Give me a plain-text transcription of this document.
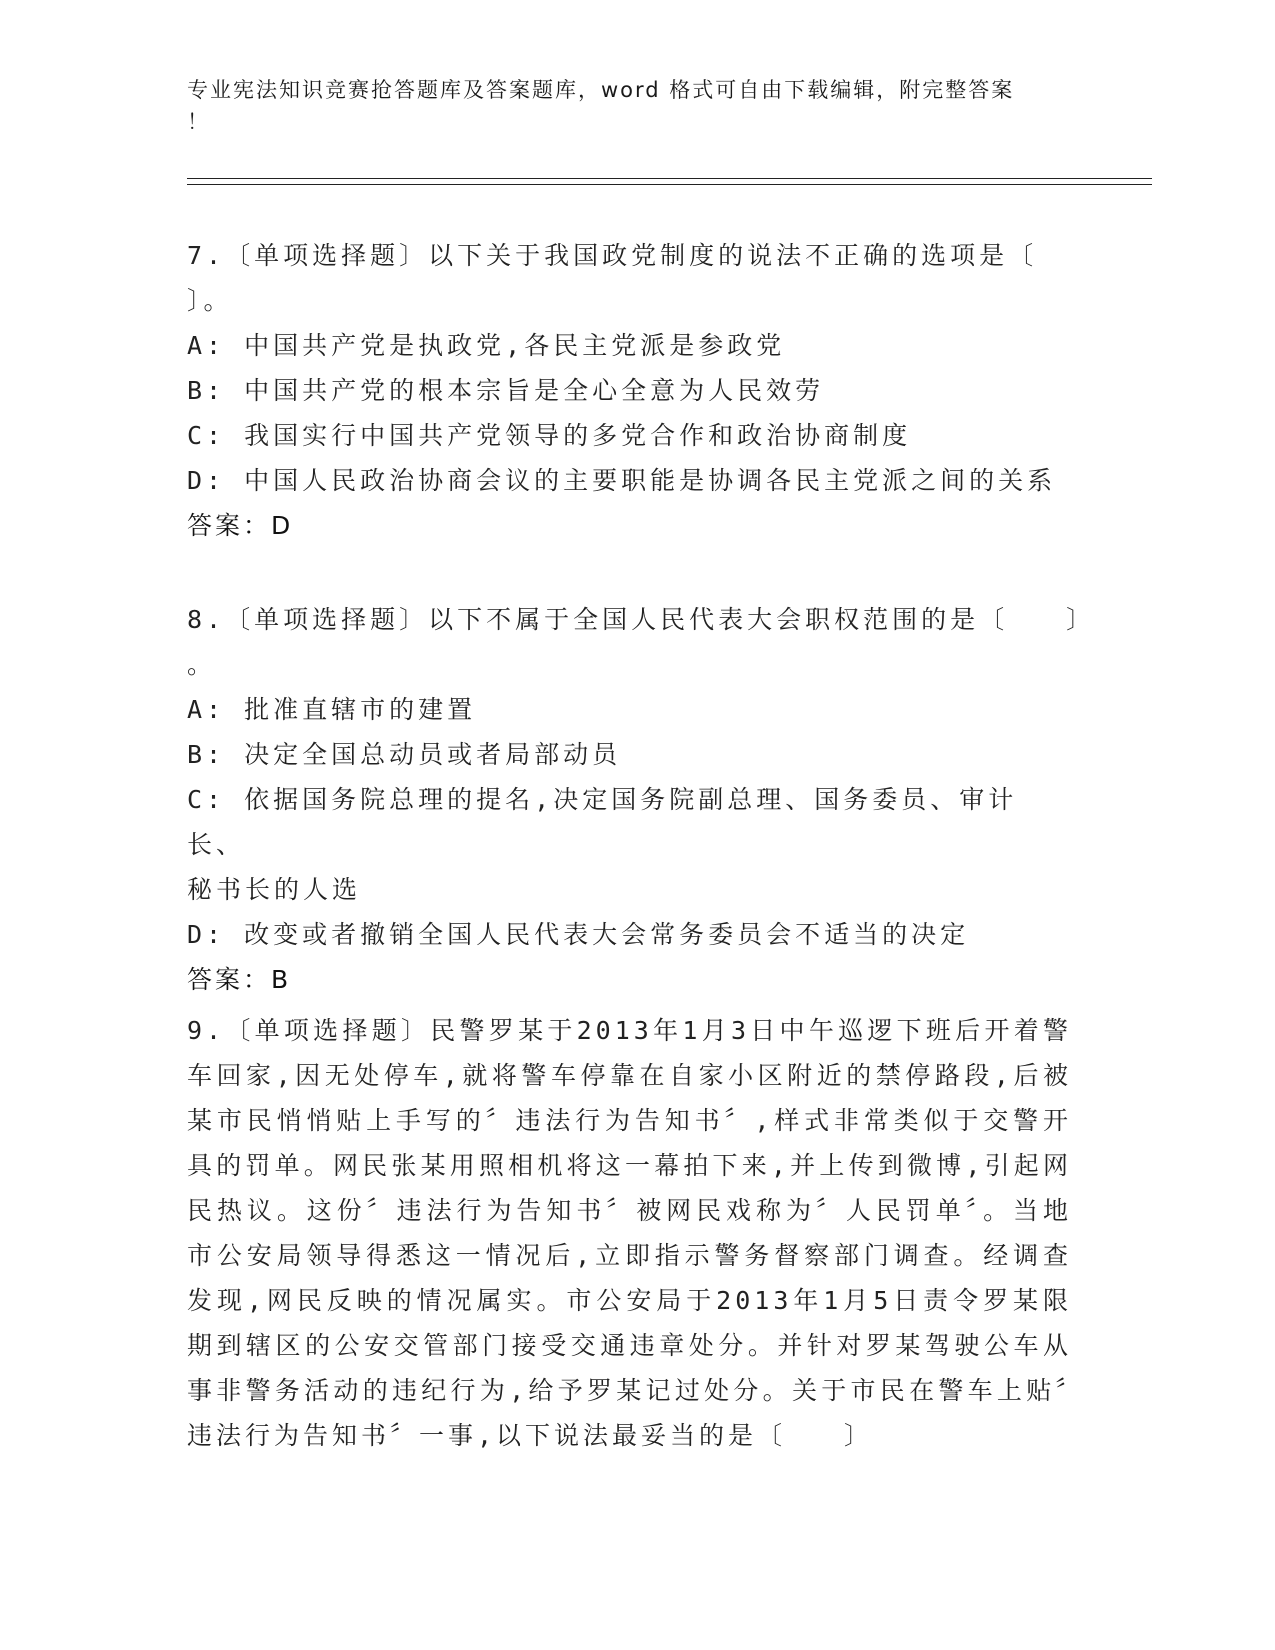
专业宪法知识竞赛抢答题库及答案题库，word 格式可自由下载编辑，附完整答案
！

7.〔单项选择题〕以下关于我国政党制度的说法不正确的选项是〔

〕。

A: 中国共产党是执政党,各民主党派是参政党

B: 中国共产党的根本宗旨是全心全意为人民效劳

C: 我国实行中国共产党领导的多党合作和政治协商制度

D: 中国人民政治协商会议的主要职能是协调各民主党派之间的关系

答案：D

8.〔单项选择题〕以下不属于全国人民代表大会职权范围的是〔　　〕

。

A: 批准直辖市的建置

B: 决定全国总动员或者局部动员

C: 依据国务院总理的提名,决定国务院副总理、国务委员、审计长、

秘书长的人选

D: 改变或者撤销全国人民代表大会常务委员会不适当的决定

答案：B

9.〔单项选择题〕民警罗某于2013年1月3日中午巡逻下班后开着警车回家,因无处停车,就将警车停靠在自家小区附近的禁停路段,后被某市民悄悄贴上手写的〞违法行为告知书〞,样式非常类似于交警开具的罚单。网民张某用照相机将这一幕拍下来,并上传到微博,引起网民热议。这份〞违法行为告知书〞被网民戏称为〞人民罚单〞。当地市公安局领导得悉这一情况后,立即指示警务督察部门调查。经调查发现,网民反映的情况属实。市公安局于2013年1月5日责令罗某限期到辖区的公安交管部门接受交通违章处分。并针对罗某驾驶公车从事非警务活动的违纪行为,给予罗某记过处分。关于市民在警车上贴〞违法行为告知书〞一事,以下说法最妥当的是〔　　〕
